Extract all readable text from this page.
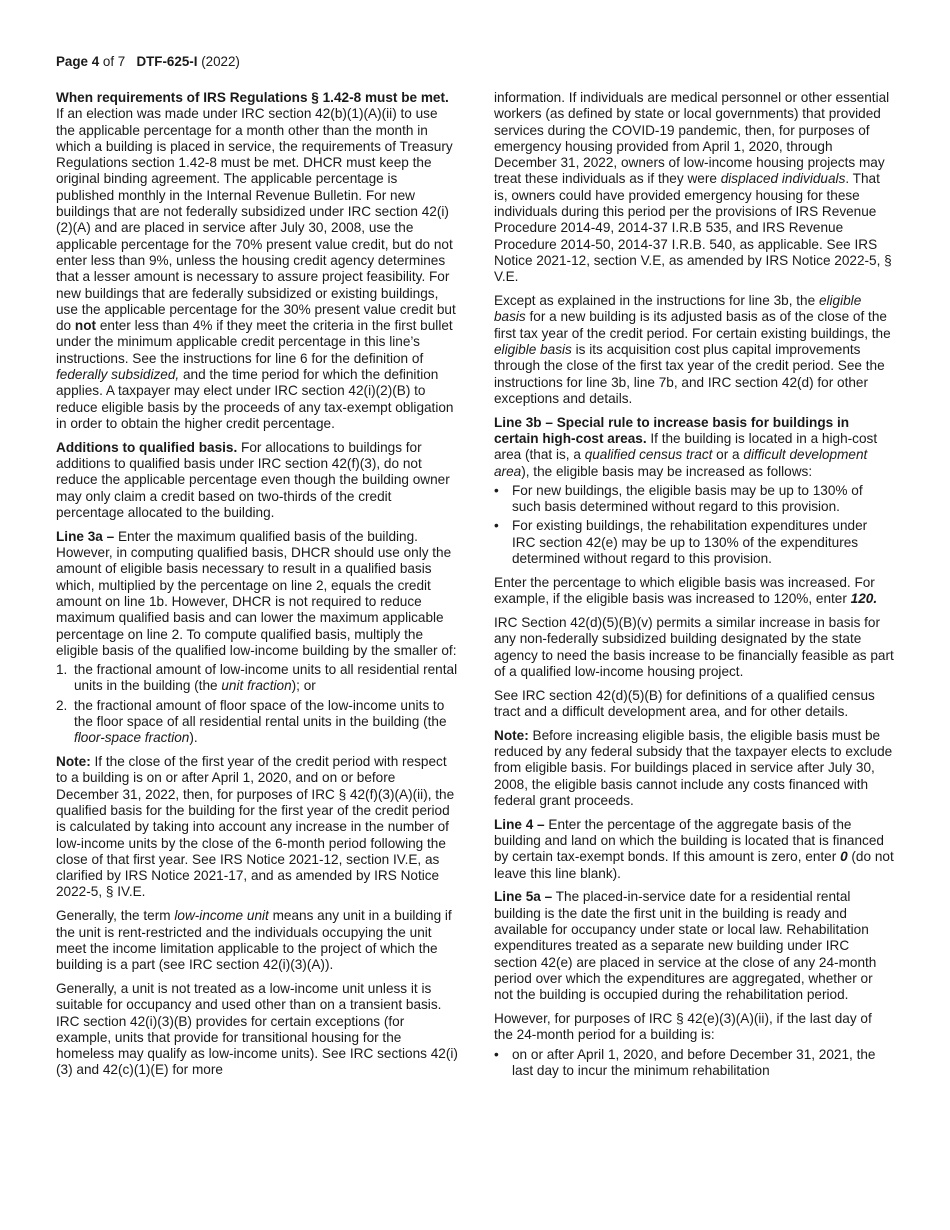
Page 4 of 7 DTF-625-I (2022)

When requirements of IRS Regulations § 1.42-8 must be met. If an election was made under IRC section 42(b)(1)(A)(ii) to use the applicable percentage for a month other than the month in which a building is placed in service, the requirements of Treasury Regulations section 1.42-8 must be met. DHCR must keep the original binding agreement. The applicable percentage is published monthly in the Internal Revenue Bulletin. For new buildings that are not federally subsidized under IRC section 42(i)(2)(A) and are placed in service after July 30, 2008, use the applicable percentage for the 70% present value credit, but do not enter less than 9%, unless the housing credit agency determines that a lesser amount is necessary to assure project feasibility. For new buildings that are federally subsidized or existing buildings, use the applicable percentage for the 30% present value credit but do not enter less than 4% if they meet the criteria in the first bullet under the minimum applicable credit percentage in this line’s instructions. See the instructions for line 6 for the definition of federally subsidized, and the time period for which the definition applies. A taxpayer may elect under IRC section 42(i)(2)(B) to reduce eligible basis by the proceeds of any tax-exempt obligation in order to obtain the higher credit percentage.

Additions to qualified basis. For allocations to buildings for additions to qualified basis under IRC section 42(f)(3), do not reduce the applicable percentage even though the building owner may only claim a credit based on two-thirds of the credit percentage allocated to the building.

Line 3a – Enter the maximum qualified basis of the building. However, in computing qualified basis, DHCR should use only the amount of eligible basis necessary to result in a qualified basis which, multiplied by the percentage on line 2, equals the credit amount on line 1b. However, DHCR is not required to reduce maximum qualified basis and can lower the maximum applicable percentage on line 2. To compute qualified basis, multiply the eligible basis of the qualified low-income building by the smaller of:

1. the fractional amount of low-income units to all residential rental units in the building (the unit fraction); or
2. the fractional amount of floor space of the low-income units to the floor space of all residential rental units in the building (the floor-space fraction).

Note: If the close of the first year of the credit period with respect to a building is on or after April 1, 2020, and on or before December 31, 2022, then, for purposes of IRC § 42(f)(3)(A)(ii), the qualified basis for the building for the first year of the credit period is calculated by taking into account any increase in the number of low-income units by the close of the 6-month period following the close of that first year. See IRS Notice 2021-12, section IV.E, as clarified by IRS Notice 2021-17, and as amended by IRS Notice 2022-5, § IV.E.

Generally, the term low-income unit means any unit in a building if the unit is rent-restricted and the individuals occupying the unit meet the income limitation applicable to the project of which the building is a part (see IRC section 42(i)(3)(A)).

Generally, a unit is not treated as a low-income unit unless it is suitable for occupancy and used other than on a transient basis. IRC section 42(i)(3)(B) provides for certain exceptions (for example, units that provide for transitional housing for the homeless may qualify as low-income units). See IRC sections 42(i)(3) and 42(c)(1)(E) for more

information. If individuals are medical personnel or other essential workers (as defined by state or local governments) that provided services during the COVID-19 pandemic, then, for purposes of emergency housing provided from April 1, 2020, through December 31, 2022, owners of low-income housing projects may treat these individuals as if they were displaced individuals. That is, owners could have provided emergency housing for these individuals during this period per the provisions of IRS Revenue Procedure 2014-49, 2014-37 I.R.B 535, and IRS Revenue Procedure 2014-50, 2014-37 I.R.B. 540, as applicable. See IRS Notice 2021-12, section V.E, as amended by IRS Notice 2022-5, § V.E.

Except as explained in the instructions for line 3b, the eligible basis for a new building is its adjusted basis as of the close of the first tax year of the credit period. For certain existing buildings, the eligible basis is its acquisition cost plus capital improvements through the close of the first tax year of the credit period. See the instructions for line 3b, line 7b, and IRC section 42(d) for other exceptions and details.

Line 3b – Special rule to increase basis for buildings in certain high-cost areas. If the building is located in a high-cost area (that is, a qualified census tract or a difficult development area), the eligible basis may be increased as follows:

• For new buildings, the eligible basis may be up to 130% of such basis determined without regard to this provision.
• For existing buildings, the rehabilitation expenditures under IRC section 42(e) may be up to 130% of the expenditures determined without regard to this provision.

Enter the percentage to which eligible basis was increased. For example, if the eligible basis was increased to 120%, enter 120.

IRC Section 42(d)(5)(B)(v) permits a similar increase in basis for any non-federally subsidized building designated by the state agency to need the basis increase to be financially feasible as part of a qualified low-income housing project.

See IRC section 42(d)(5)(B) for definitions of a qualified census tract and a difficult development area, and for other details.

Note: Before increasing eligible basis, the eligible basis must be reduced by any federal subsidy that the taxpayer elects to exclude from eligible basis. For buildings placed in service after July 30, 2008, the eligible basis cannot include any costs financed with federal grant proceeds.

Line 4 – Enter the percentage of the aggregate basis of the building and land on which the building is located that is financed by certain tax-exempt bonds. If this amount is zero, enter 0 (do not leave this line blank).

Line 5a – The placed-in-service date for a residential rental building is the date the first unit in the building is ready and available for occupancy under state or local law. Rehabilitation expenditures treated as a separate new building under IRC section 42(e) are placed in service at the close of any 24-month period over which the expenditures are aggregated, whether or not the building is occupied during the rehabilitation period.

However, for purposes of IRC § 42(e)(3)(A)(ii), if the last day of the 24-month period for a building is:

• on or after April 1, 2020, and before December 31, 2021, the last day to incur the minimum rehabilitation
